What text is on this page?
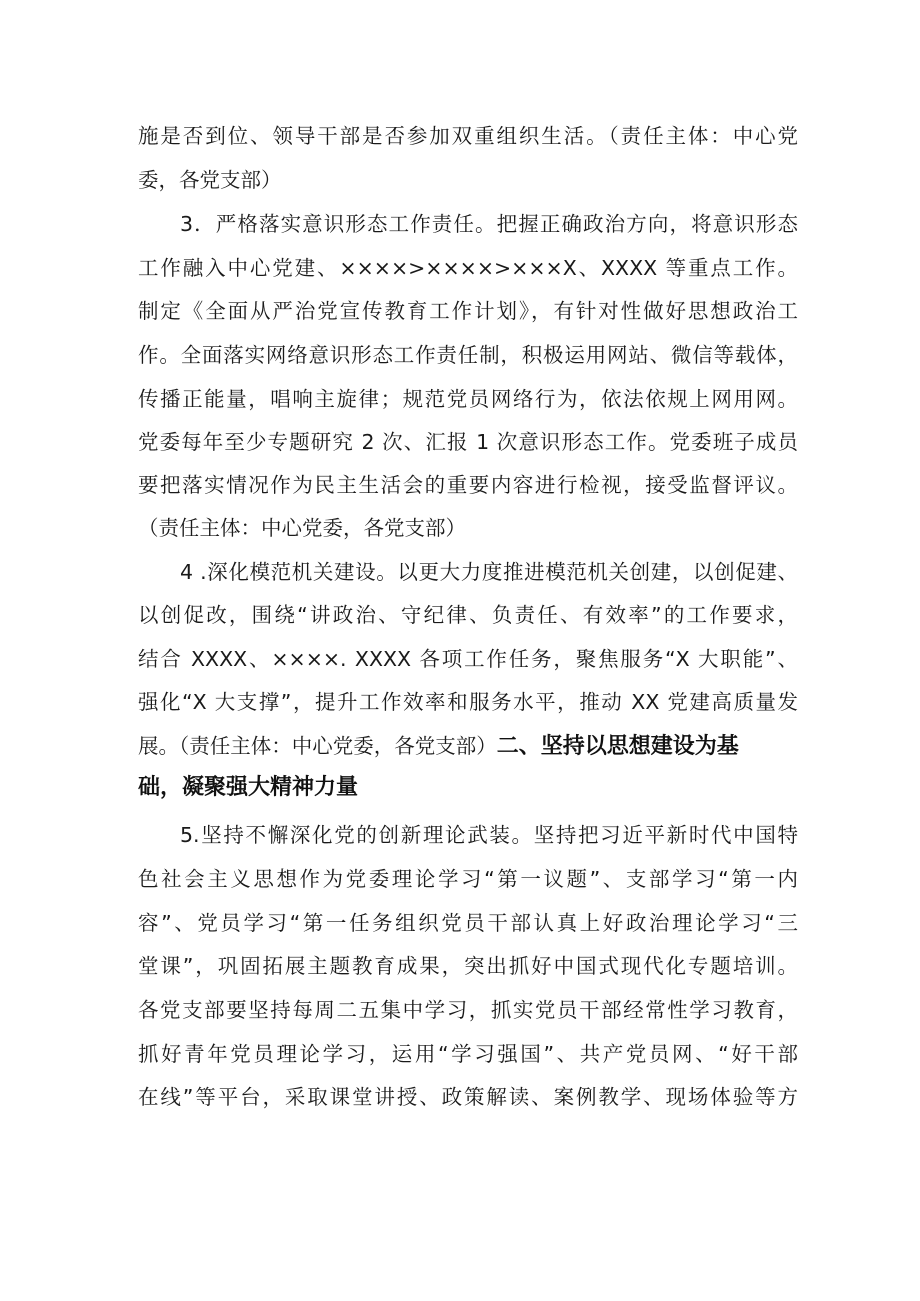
施是否到位、领导干部是否参加双重组织生活。（责任主体：中心党
委，各党支部）
3．严格落实意识形态工作责任。把握正确政治方向，将意识形态
工作融入中心党建、××××>××××>×××X、XXXX 等重点工作。
制定《全面从严治党宣传教育工作计划》，有针对性做好思想政治工
作。全面落实网络意识形态工作责任制，积极运用网站、微信等载体，
传播正能量，唱响主旋律；规范党员网络行为，依法依规上网用网。
党委每年至少专题研究 2 次、汇报 1 次意识形态工作。党委班子成员
要把落实情况作为民主生活会的重要内容进行检视，接受监督评议。
（责任主体：中心党委，各党支部）
4 .深化模范机关建设。以更大力度推进模范机关创建，以创促建、
以创促改，围绕“讲政治、守纪律、负责任、有效率”的工作要求，
结合 XXXX、××××. XXXX 各项工作任务，聚焦服务“X 大职能”、
强化“X 大支撑”，提升工作效率和服务水平，推动 XX 党建高质量发
展。（责任主体：中心党委，各党支部）二、坚持以思想建设为基
础，凝聚强大精神力量
5.坚持不懈深化党的创新理论武装。坚持把习近平新时代中国特
色社会主义思想作为党委理论学习“第一议题”、支部学习“第一内
容”、党员学习“第一任务组织党员干部认真上好政治理论学习“三
堂课”，巩固拓展主题教育成果，突出抓好中国式现代化专题培训。
各党支部要坚持每周二五集中学习，抓实党员干部经常性学习教育，
抓好青年党员理论学习，运用“学习强国”、共产党员网、“好干部
在线”等平台，采取课堂讲授、政策解读、案例教学、现场体验等方
